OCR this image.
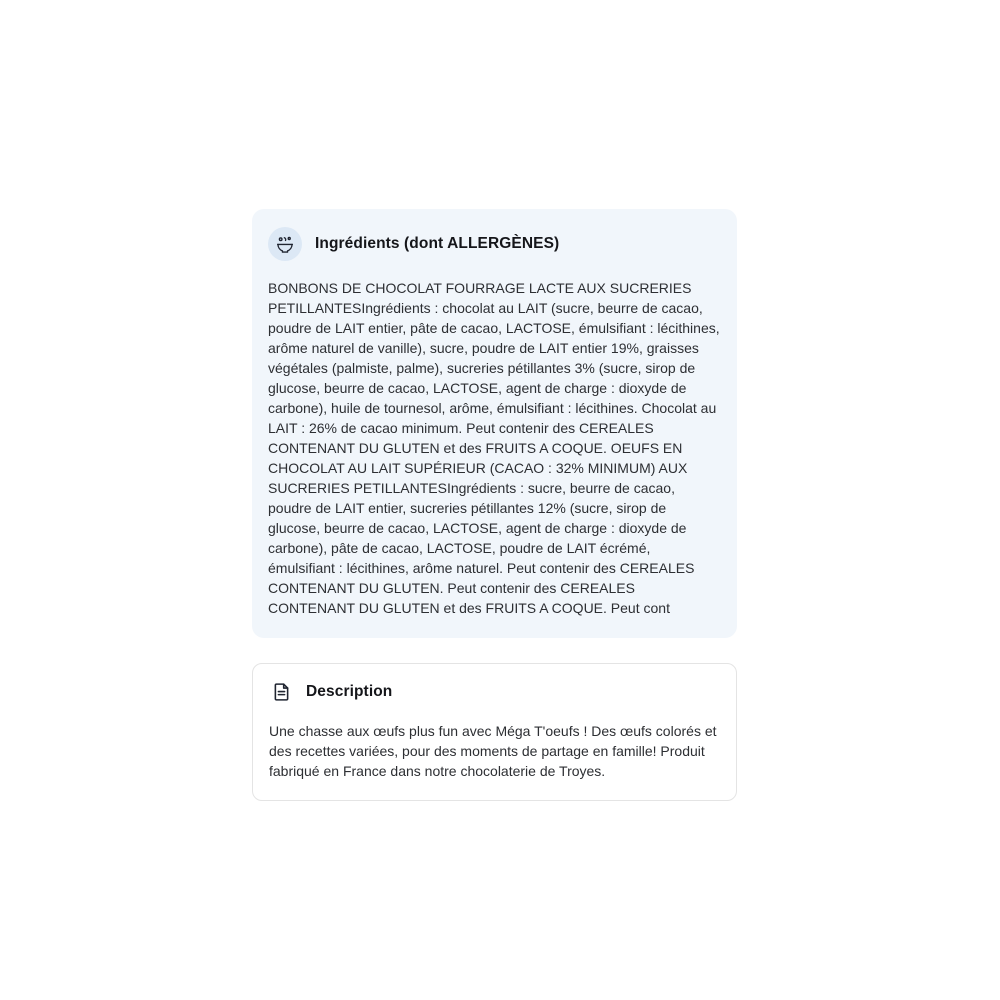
Ingrédients (dont ALLERGÈNES)

BONBONS DE CHOCOLAT FOURRAGE LACTE AUX SUCRERIES PETILLANTESIngrédients : chocolat au LAIT (sucre, beurre de cacao, poudre de LAIT entier, pâte de cacao, LACTOSE, émulsifiant : lécithines, arôme naturel de vanille), sucre, poudre de LAIT entier 19%, graisses végétales (palmiste, palme), sucreries pétillantes 3% (sucre, sirop de glucose, beurre de cacao, LACTOSE, agent de charge : dioxyde de carbone), huile de tournesol, arôme, émulsifiant : lécithines. Chocolat au LAIT : 26% de cacao minimum. Peut contenir des CEREALES CONTENANT DU GLUTEN et des FRUITS A COQUE. OEUFS EN CHOCOLAT AU LAIT SUPÉRIEUR (CACAO : 32% MINIMUM) AUX SUCRERIES PETILLANTESIngrédients : sucre, beurre de cacao, poudre de LAIT entier, sucreries pétillantes 12% (sucre, sirop de glucose, beurre de cacao, LACTOSE, agent de charge : dioxyde de carbone), pâte de cacao, LACTOSE, poudre de LAIT écrémé, émulsifiant : lécithines, arôme naturel. Peut contenir des CEREALES CONTENANT DU GLUTEN. Peut contenir des CEREALES CONTENANT DU GLUTEN et des FRUITS A COQUE. Peut cont

Description

Une chasse aux œufs plus fun avec Méga T'oeufs ! Des œufs colorés et des recettes variées, pour des moments de partage en famille! Produit fabriqué en France dans notre chocolaterie de Troyes.
